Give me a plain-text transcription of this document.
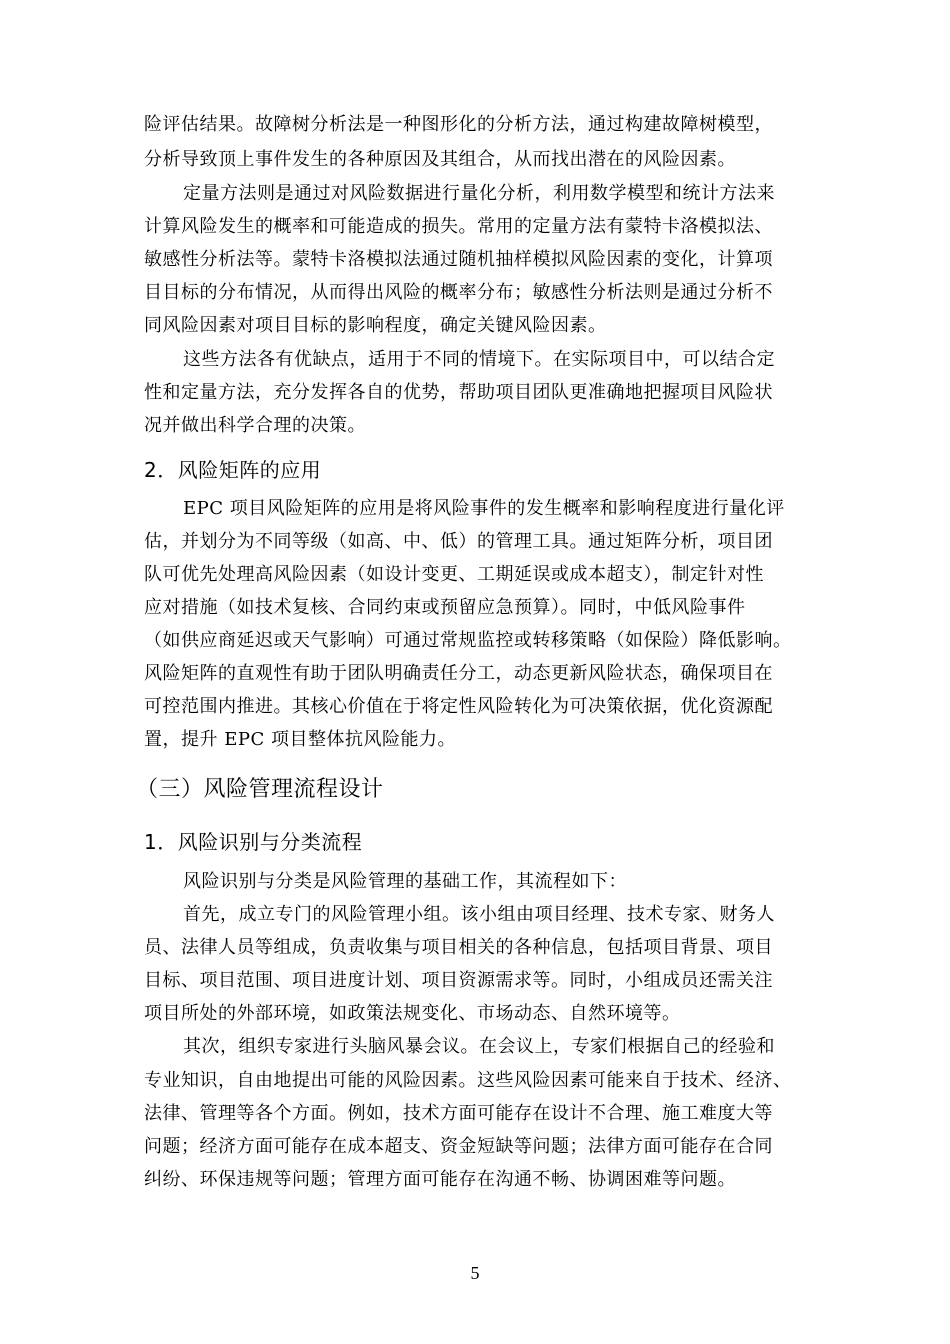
险评估结果。故障树分析法是一种图形化的分析方法，通过构建故障树模型，
分析导致顶上事件发生的各种原因及其组合，从而找出潜在的风险因素。
定量方法则是通过对风险数据进行量化分析，利用数学模型和统计方法来
计算风险发生的概率和可能造成的损失。常用的定量方法有蒙特卡洛模拟法、
敏感性分析法等。蒙特卡洛模拟法通过随机抽样模拟风险因素的变化，计算项
目目标的分布情况，从而得出风险的概率分布；敏感性分析法则是通过分析不
同风险因素对项目目标的影响程度，确定关键风险因素。
这些方法各有优缺点，适用于不同的情境下。在实际项目中，可以结合定
性和定量方法，充分发挥各自的优势，帮助项目团队更准确地把握项目风险状
况并做出科学合理的决策。
2．风险矩阵的应用
EPC 项目风险矩阵的应用是将风险事件的发生概率和影响程度进行量化评
估，并划分为不同等级（如高、中、低）的管理工具。通过矩阵分析，项目团
队可优先处理高风险因素（如设计变更、工期延误或成本超支），制定针对性
应对措施（如技术复核、合同约束或预留应急预算）。同时，中低风险事件
（如供应商延迟或天气影响）可通过常规监控或转移策略（如保险）降低影响。
风险矩阵的直观性有助于团队明确责任分工，动态更新风险状态，确保项目在
可控范围内推进。其核心价值在于将定性风险转化为可决策依据，优化资源配
置，提升 EPC 项目整体抗风险能力。
（三）风险管理流程设计
1．风险识别与分类流程
风险识别与分类是风险管理的基础工作，其流程如下：
首先，成立专门的风险管理小组。该小组由项目经理、技术专家、财务人
员、法律人员等组成，负责收集与项目相关的各种信息，包括项目背景、项目
目标、项目范围、项目进度计划、项目资源需求等。同时，小组成员还需关注
项目所处的外部环境，如政策法规变化、市场动态、自然环境等。
其次，组织专家进行头脑风暴会议。在会议上，专家们根据自己的经验和
专业知识，自由地提出可能的风险因素。这些风险因素可能来自于技术、经济、
法律、管理等各个方面。例如，技术方面可能存在设计不合理、施工难度大等
问题；经济方面可能存在成本超支、资金短缺等问题；法律方面可能存在合同
纠纷、环保违规等问题；管理方面可能存在沟通不畅、协调困难等问题。
5
